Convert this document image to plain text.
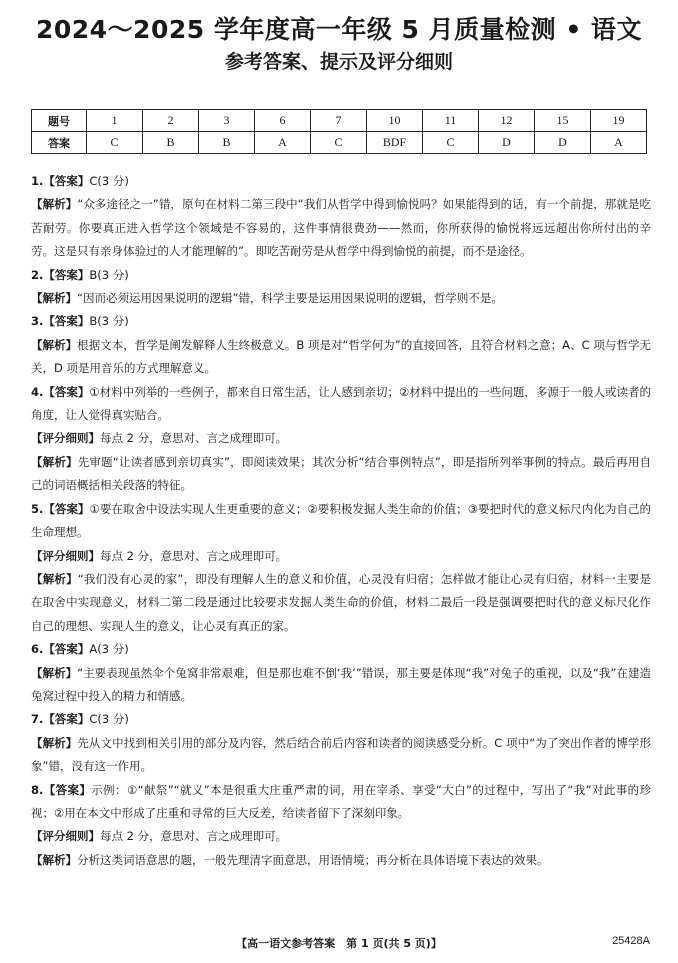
2024～2025 学年度高一年级 5 月质量检测 • 语文
参考答案、提示及评分细则
题号	1	2	3	6	7	10	11	12	15	19
答案	C	B	B	A	C	BDF	C	D	D	A

1.【答案】C(3 分)

【解析】“众多途径之一”错，原句在材料二第三段中“我们从哲学中得到愉悦吗？如果能得到的话，有一个前提，那就是吃苦耐劳。你要真正进入哲学这个领域是不容易的，这件事情很费劲——然而，你所获得的愉悦将远远超出你所付出的辛劳。这是只有亲身体验过的人才能理解的”。即吃苦耐劳是从哲学中得到愉悦的前提，而不是途径。

2.【答案】B(3 分)

【解析】“因而必须运用因果说明的逻辑”错，科学主要是运用因果说明的逻辑，哲学则不是。

3.【答案】B(3 分)

【解析】根据文本，哲学是阐发解释人生终极意义。B 项是对“哲学何为”的直接回答，且符合材料之意；A、C 项与哲学无关，D 项是用音乐的方式理解意义。

4.【答案】①材料中列举的一些例子，都来自日常生活，让人感到亲切；②材料中提出的一些问题，多源于一般人或读者的角度，让人觉得真实贴合。

【评分细则】每点 2 分，意思对、言之成理即可。

【解析】先审题“让读者感到亲切真实”，即阅读效果；其次分析“结合事例特点”，即是指所列举事例的特点。最后再用自己的词语概括相关段落的特征。

5.【答案】①要在取舍中设法实现人生更重要的意义；②要积极发掘人类生命的价值；③要把时代的意义标尺内化为自己的生命理想。

【评分细则】每点 2 分，意思对、言之成理即可。

【解析】“我们没有心灵的家”，即没有理解人生的意义和价值，心灵没有归宿；怎样做才能让心灵有归宿，材料一主要是在取舍中实现意义，材料二第二段是通过比较要求发掘人类生命的价值，材料二最后一段是强调要把时代的意义标尺化作自己的理想、实现人生的意义，让心灵有真正的家。

6.【答案】A(3 分)

【解析】“主要表现虽然伞个兔窝非常艰难，但是那也难不倒‘我’”错误，那主要是体现“我”对兔子的重视，以及“我”在建造兔窝过程中投入的精力和情感。

7.【答案】C(3 分)

【解析】先从文中找到相关引用的部分及内容，然后结合前后内容和读者的阅读感受分析。C 项中“为了突出作者的博学形象”错，没有这一作用。

8.【答案】示例：①“献祭”“就义”本是很重大庄重严肃的词，用在宰杀、享受“大白”的过程中，写出了“我”对此事的珍视；②用在本文中形成了庄重和寻常的巨大反差，给读者留下了深刻印象。

【评分细则】每点 2 分，意思对、言之成理即可。

【解析】分析这类词语意思的题，一般先理清字面意思，用语情境；再分析在具体语境下表达的效果。

【高一语文参考答案　第 1 页(共 5 页)】	25428A
